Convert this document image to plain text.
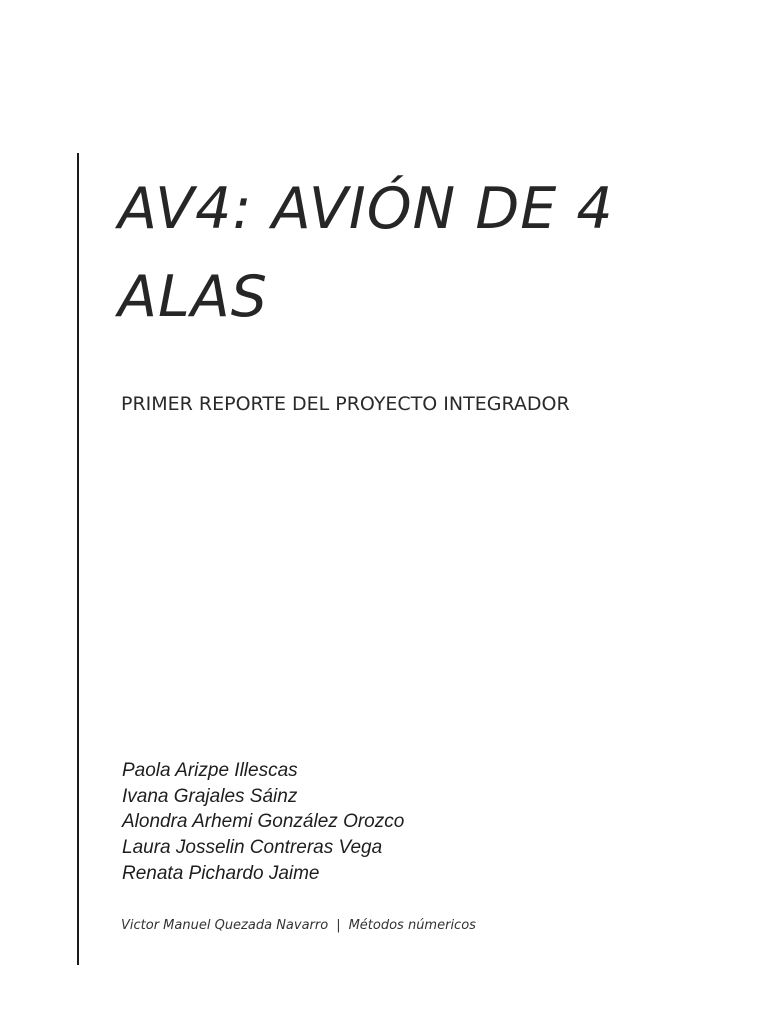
AV4: AVIÓN DE 4
ALAS

PRIMER REPORTE DEL PROYECTO INTEGRADOR

Paola Arizpe Illescas
Ivana Grajales Sáinz
Alondra Arhemi González Orozco
Laura Josselin Contreras Vega
Renata Pichardo Jaime

Victor Manuel Quezada Navarro | Métodos númericos
